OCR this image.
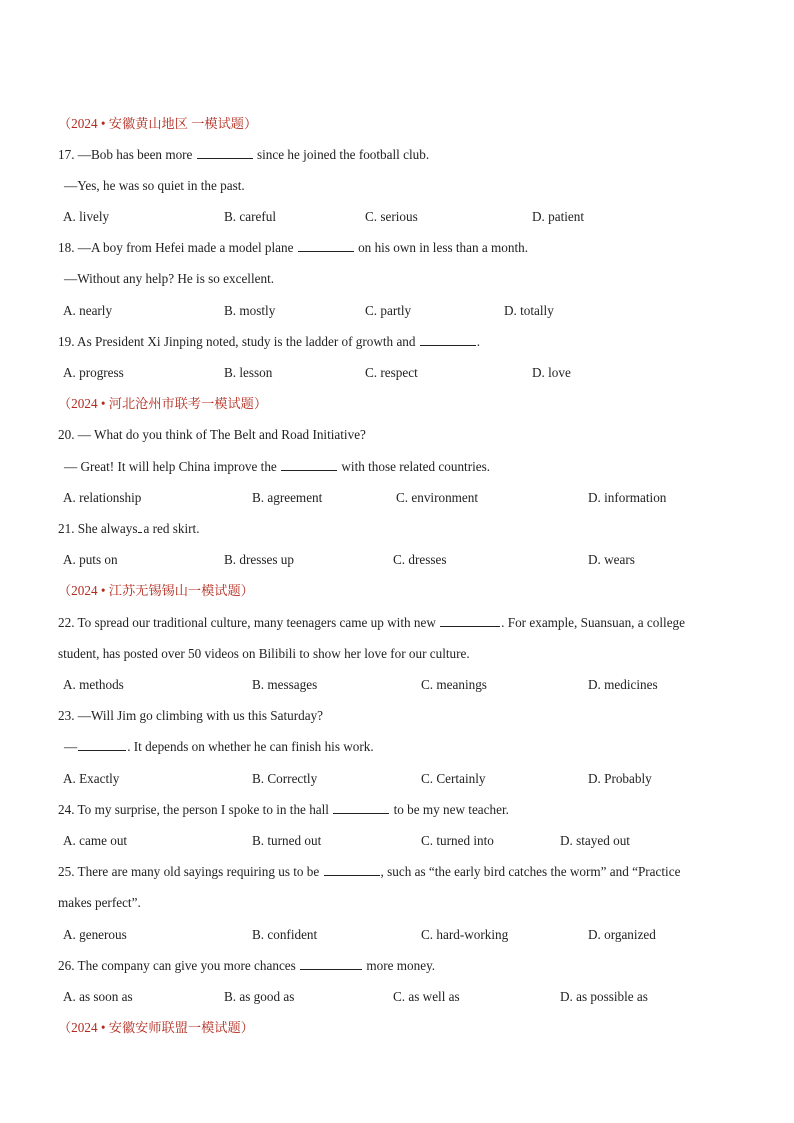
（2024 • 安徽黄山地区 一模试题）
17. —Bob has been more	since he joined the football club.
—Yes, he was so quiet in the past.
A. lively	B. careful	C. serious	D. patient
18. —A boy from Hefei made a model plane	on his own in less than a month.
—Without any help? He is so excellent.
A. nearly	B. mostly	C. partly	D. totally
19. As President Xi Jinping noted, study is the ladder of growth and	.
A. progress	B. lesson	C. respect	D. love
（2024 • 河北沧州市联考一模试题）
20. — What do you think of The Belt and Road Initiative?
— Great! It will help China improve the	with those related countries.
A. relationship	B. agreement	C. environment	D. information
21. She always a red skirt.
A. puts on	B. dresses up	C. dresses	D. wears
（2024 • 江苏无锡锡山一模试题）
22. To spread our traditional culture, many teenagers came up with new	. For example, Suansuan, a college
student, has posted over 50 videos on Bilibili to show her love for our culture.
A. methods	B. messages	C. meanings	D. medicines
23. —Will Jim go climbing with us this Saturday?
—	. It depends on whether he can finish his work.
A. Exactly	B. Correctly	C. Certainly	D. Probably
24. To my surprise, the person I spoke to in the hall	to be my new teacher.
A. came out	B. turned out	C. turned into	D. stayed out
25. There are many old sayings requiring us to be	, such as “the early bird catches the worm” and “Practice
makes perfect”.
A. generous	B. confident	C. hard-working	D. organized
26. The company can give you more chances	more money.
A. as soon as	B. as good as	C. as well as	D. as possible as
（2024 • 安徽安师联盟一模试题）
